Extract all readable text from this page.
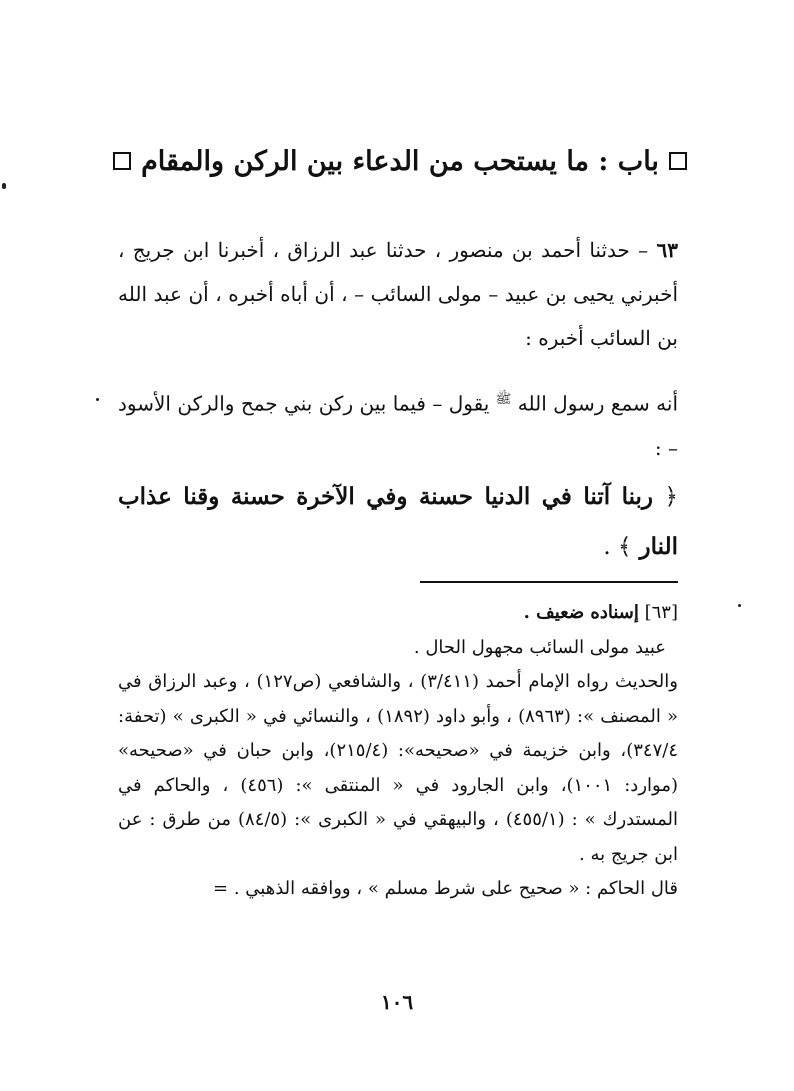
باب : ما يستحب من الدعاء بين الركن والمقام
٦٣ – حدثنا أحمد بن منصور ، حدثنا عبد الرزاق ، أخبرنا ابن جريج ، أخبرني يحيى بن عبيد – مولى السائب – ، أن أباه أخبره ، أن عبد الله بن السائب أخبره :
أنه سمع رسول الله $^ﷺ$ يقول – فيما بين ركن بني جمح والركن الأسود – :
﴿ ربنا آتنا في الدنيا حسنة وفي الآخرة حسنة وقنا عذاب النار ﴾ .

[٦٣] إسناده ضعيف .

عبيد مولى السائب مجهول الحال .

والحديث رواه الإمام أحمد (٣/٤١١) ، والشافعي (ص١٢٧) ، وعبد الرزاق في « المصنف »: (٨٩٦٣) ، وأبو داود (١٨٩٢) ، والنسائي في « الكبرى » (تحفة: ٣٤٧/٤)، وابن خزيمة في «صحيحه»: (٢١٥/٤)، وابن حبان في «صحيحه» (موارد: ١٠٠١)، وابن الجارود في « المنتقى »: (٤٥٦) ، والحاكم في المستدرك » : (٤٥٥/١) ، والبيهقي في « الكبرى »: (٨٤/٥) من طرق : عن ابن جريج به .

قال الحاكم : « صحيح على شرط مسلم » ، ووافقه الذهبي . =

١٠٦
